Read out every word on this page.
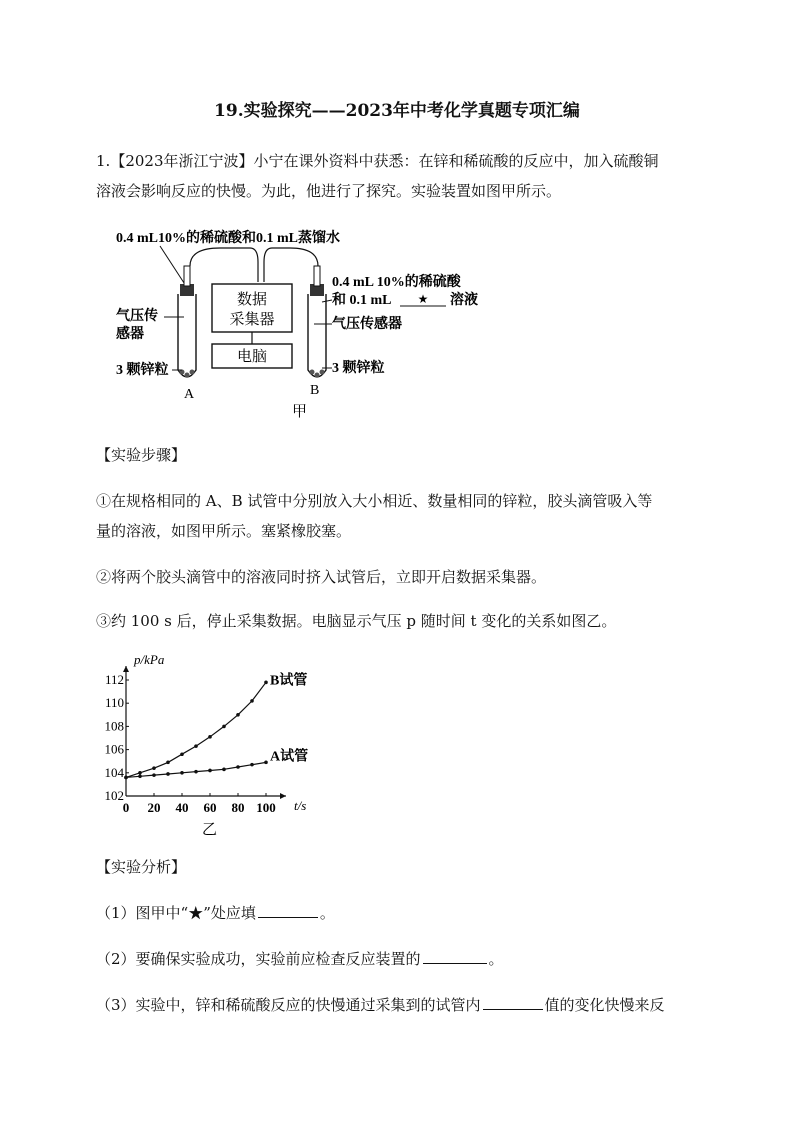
19.实验探究——2023年中考化学真题专项汇编
1.【2023年浙江宁波】小宁在课外资料中获悉：在锌和稀硫酸的反应中，加入硫酸铜
溶液会影响反应的快慢。为此，他进行了探究。实验装置如图甲所示。
0.4 mL10%的稀硫酸和0.1 mL蒸馏水
数据
采集器
电脑
气压传
感器
3 颗锌粒
A
0.4 mL 10%的稀硫酸
和 0.1 mL ★ 溶液
气压传感器
3 颗锌粒
B
甲
【实验步骤】
①在规格相同的 A、B 试管中分别放入大小相近、数量相同的锌粒，胶头滴管吸入等
量的溶液，如图甲所示。塞紧橡胶塞。
②将两个胶头滴管中的溶液同时挤入试管后，立即开启数据采集器。
③约 100 s 后，停止采集数据。电脑显示气压 p 随时间 t 变化的关系如图乙。
p/kPa
t/s
乙
0 20 40 60 80 100
102
104
106
108
110
112	B试管
A试管
【实验分析】
（1）图甲中“★”处应填	。
（2）要确保实验成功，实验前应检查反应装置的	。
（3）实验中，锌和稀硫酸反应的快慢通过采集到的试管内	值的变化快慢来反
